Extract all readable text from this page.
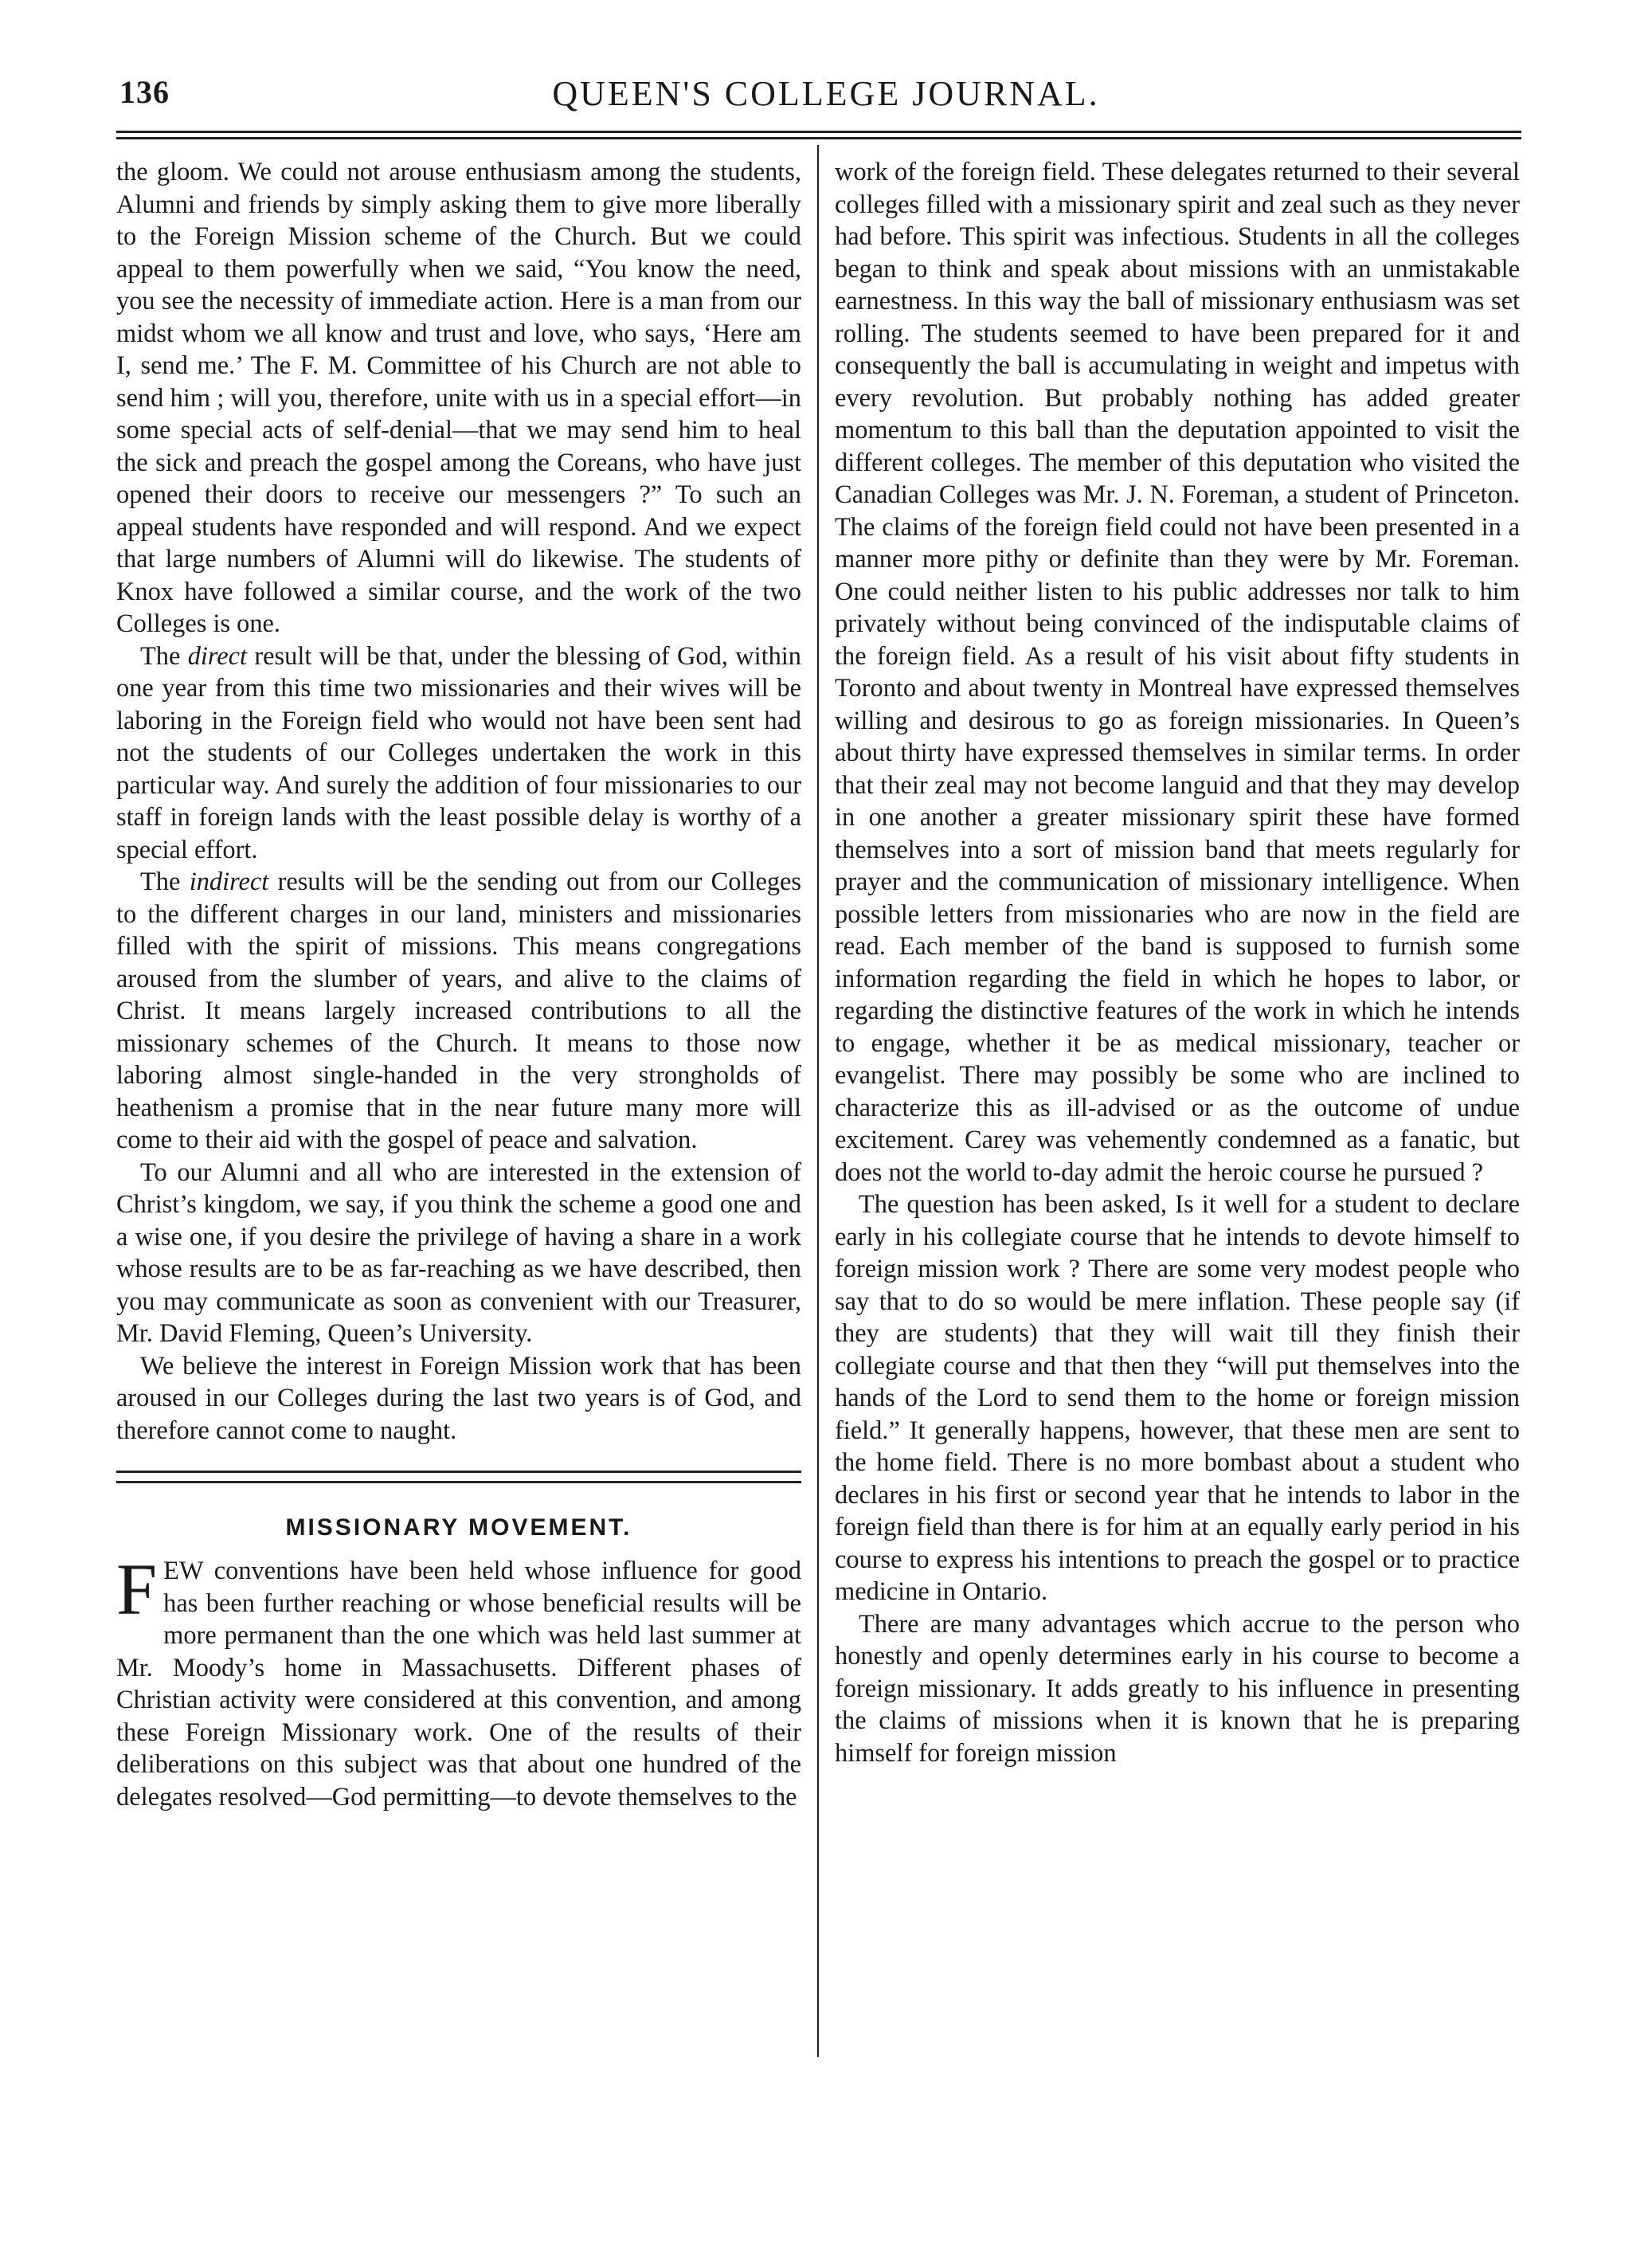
136	QUEEN'S COLLEGE JOURNAL.

the gloom. We could not arouse enthusiasm among the students, Alumni and friends by simply asking them to give more liberally to the Foreign Mission scheme of the Church. But we could appeal to them powerfully when we said, “You know the need, you see the necessity of immediate action. Here is a man from our midst whom we all know and trust and love, who says, ‘Here am I, send me.’ The F. M. Committee of his Church are not able to send him ; will you, therefore, unite with us in a special effort—in some special acts of self-denial—that we may send him to heal the sick and preach the gospel among the Coreans, who have just opened their doors to receive our messengers ?” To such an appeal students have responded and will respond. And we expect that large numbers of Alumni will do likewise. The students of Knox have followed a similar course, and the work of the two Colleges is one.

The direct result will be that, under the blessing of God, within one year from this time two missionaries and their wives will be laboring in the Foreign field who would not have been sent had not the students of our Colleges undertaken the work in this particular way. And surely the addition of four missionaries to our staff in foreign lands with the least possible delay is worthy of a special effort.

The indirect results will be the sending out from our Colleges to the different charges in our land, ministers and missionaries filled with the spirit of missions. This means congregations aroused from the slumber of years, and alive to the claims of Christ. It means largely increased contributions to all the missionary schemes of the Church. It means to those now laboring almost single-handed in the very strongholds of heathenism a promise that in the near future many more will come to their aid with the gospel of peace and salvation.

To our Alumni and all who are interested in the extension of Christ’s kingdom, we say, if you think the scheme a good one and a wise one, if you desire the privilege of having a share in a work whose results are to be as far-reaching as we have described, then you may communicate as soon as convenient with our Treasurer, Mr. David Fleming, Queen’s University.

We believe the interest in Foreign Mission work that has been aroused in our Colleges during the last two years is of God, and therefore cannot come to naught.

MISSIONARY MOVEMENT.

FEW conventions have been held whose influence for good has been further reaching or whose beneficial results will be more permanent than the one which was held last summer at Mr. Moody’s home in Massachusetts. Different phases of Christian activity were considered at this convention, and among these Foreign Missionary work. One of the results of their deliberations on this subject was that about one hundred of the delegates resolved—God permitting—to devote themselves to the

work of the foreign field. These delegates returned to their several colleges filled with a missionary spirit and zeal such as they never had before. This spirit was infectious. Students in all the colleges began to think and speak about missions with an unmistakable earnestness. In this way the ball of missionary enthusiasm was set rolling. The students seemed to have been prepared for it and consequently the ball is accumulating in weight and impetus with every revolution. But probably nothing has added greater momentum to this ball than the deputation appointed to visit the different colleges. The member of this deputation who visited the Canadian Colleges was Mr. J. N. Foreman, a student of Princeton. The claims of the foreign field could not have been presented in a manner more pithy or definite than they were by Mr. Foreman. One could neither listen to his public addresses nor talk to him privately without being convinced of the indisputable claims of the foreign field. As a result of his visit about fifty students in Toronto and about twenty in Montreal have expressed themselves willing and desirous to go as foreign missionaries. In Queen’s about thirty have expressed themselves in similar terms. In order that their zeal may not become languid and that they may develop in one another a greater missionary spirit these have formed themselves into a sort of mission band that meets regularly for prayer and the communication of missionary intelligence. When possible letters from missionaries who are now in the field are read. Each member of the band is supposed to furnish some information regarding the field in which he hopes to labor, or regarding the distinctive features of the work in which he intends to engage, whether it be as medical missionary, teacher or evangelist. There may possibly be some who are inclined to characterize this as ill-advised or as the outcome of undue excitement. Carey was vehemently condemned as a fanatic, but does not the world to-day admit the heroic course he pursued ?

The question has been asked, Is it well for a student to declare early in his collegiate course that he intends to devote himself to foreign mission work ? There are some very modest people who say that to do so would be mere inflation. These people say (if they are students) that they will wait till they finish their collegiate course and that then they “will put themselves into the hands of the Lord to send them to the home or foreign mission field.” It generally happens, however, that these men are sent to the home field. There is no more bombast about a student who declares in his first or second year that he intends to labor in the foreign field than there is for him at an equally early period in his course to express his intentions to preach the gospel or to practice medicine in Ontario.

There are many advantages which accrue to the person who honestly and openly determines early in his course to become a foreign missionary. It adds greatly to his influence in presenting the claims of missions when it is known that he is preparing himself for foreign mission
